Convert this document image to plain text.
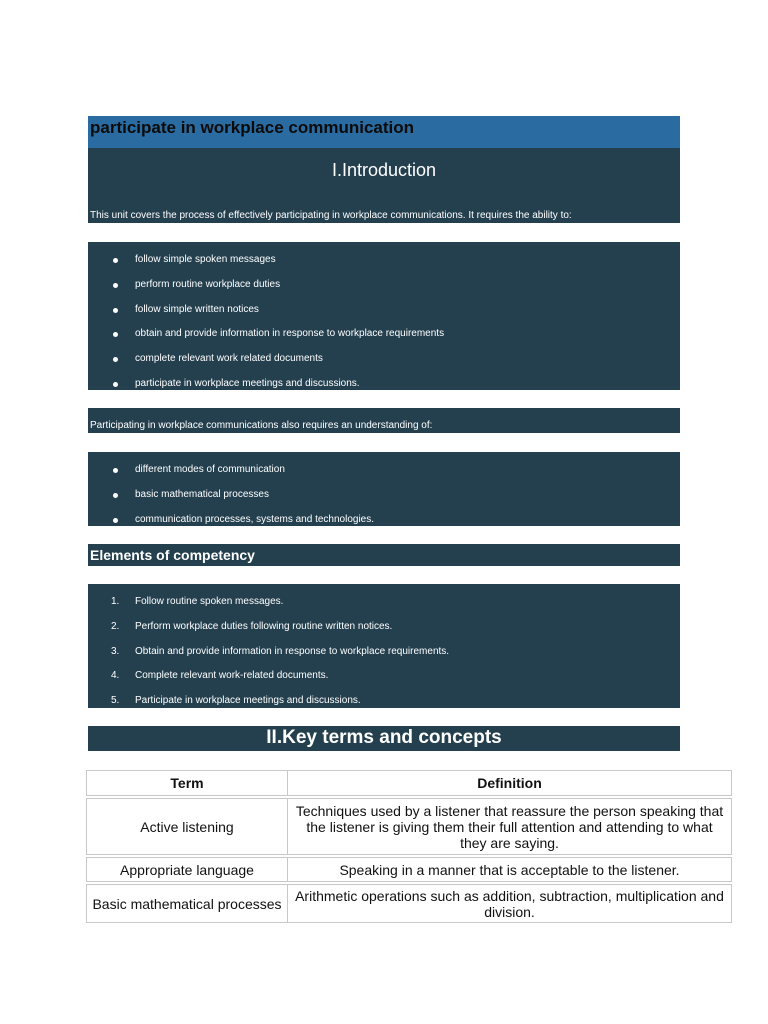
participate in workplace communication
I.Introduction
This unit covers the process of effectively participating in workplace communications. It requires the ability to:
follow simple spoken messages
perform routine workplace duties
follow simple written notices
obtain and provide information in response to workplace requirements
complete relevant work related documents
participate in workplace meetings and discussions.
Participating in workplace communications also requires an understanding of:
different modes of communication
basic mathematical processes
communication processes, systems and technologies.
Elements of competency
1. Follow routine spoken messages.
2. Perform workplace duties following routine written notices.
3. Obtain and provide information in response to workplace requirements.
4. Complete relevant work-related documents.
5. Participate in workplace meetings and discussions.
II.Key terms and concepts
Term	Definition

Active listening	Techniques used by a listener that reassure the person speaking that the listener is giving them their full attention and attending to what they are saying.

Appropriate language	Speaking in a manner that is acceptable to the listener.

Basic mathematical processes	Arithmetic operations such as addition, subtraction, multiplication and division.
